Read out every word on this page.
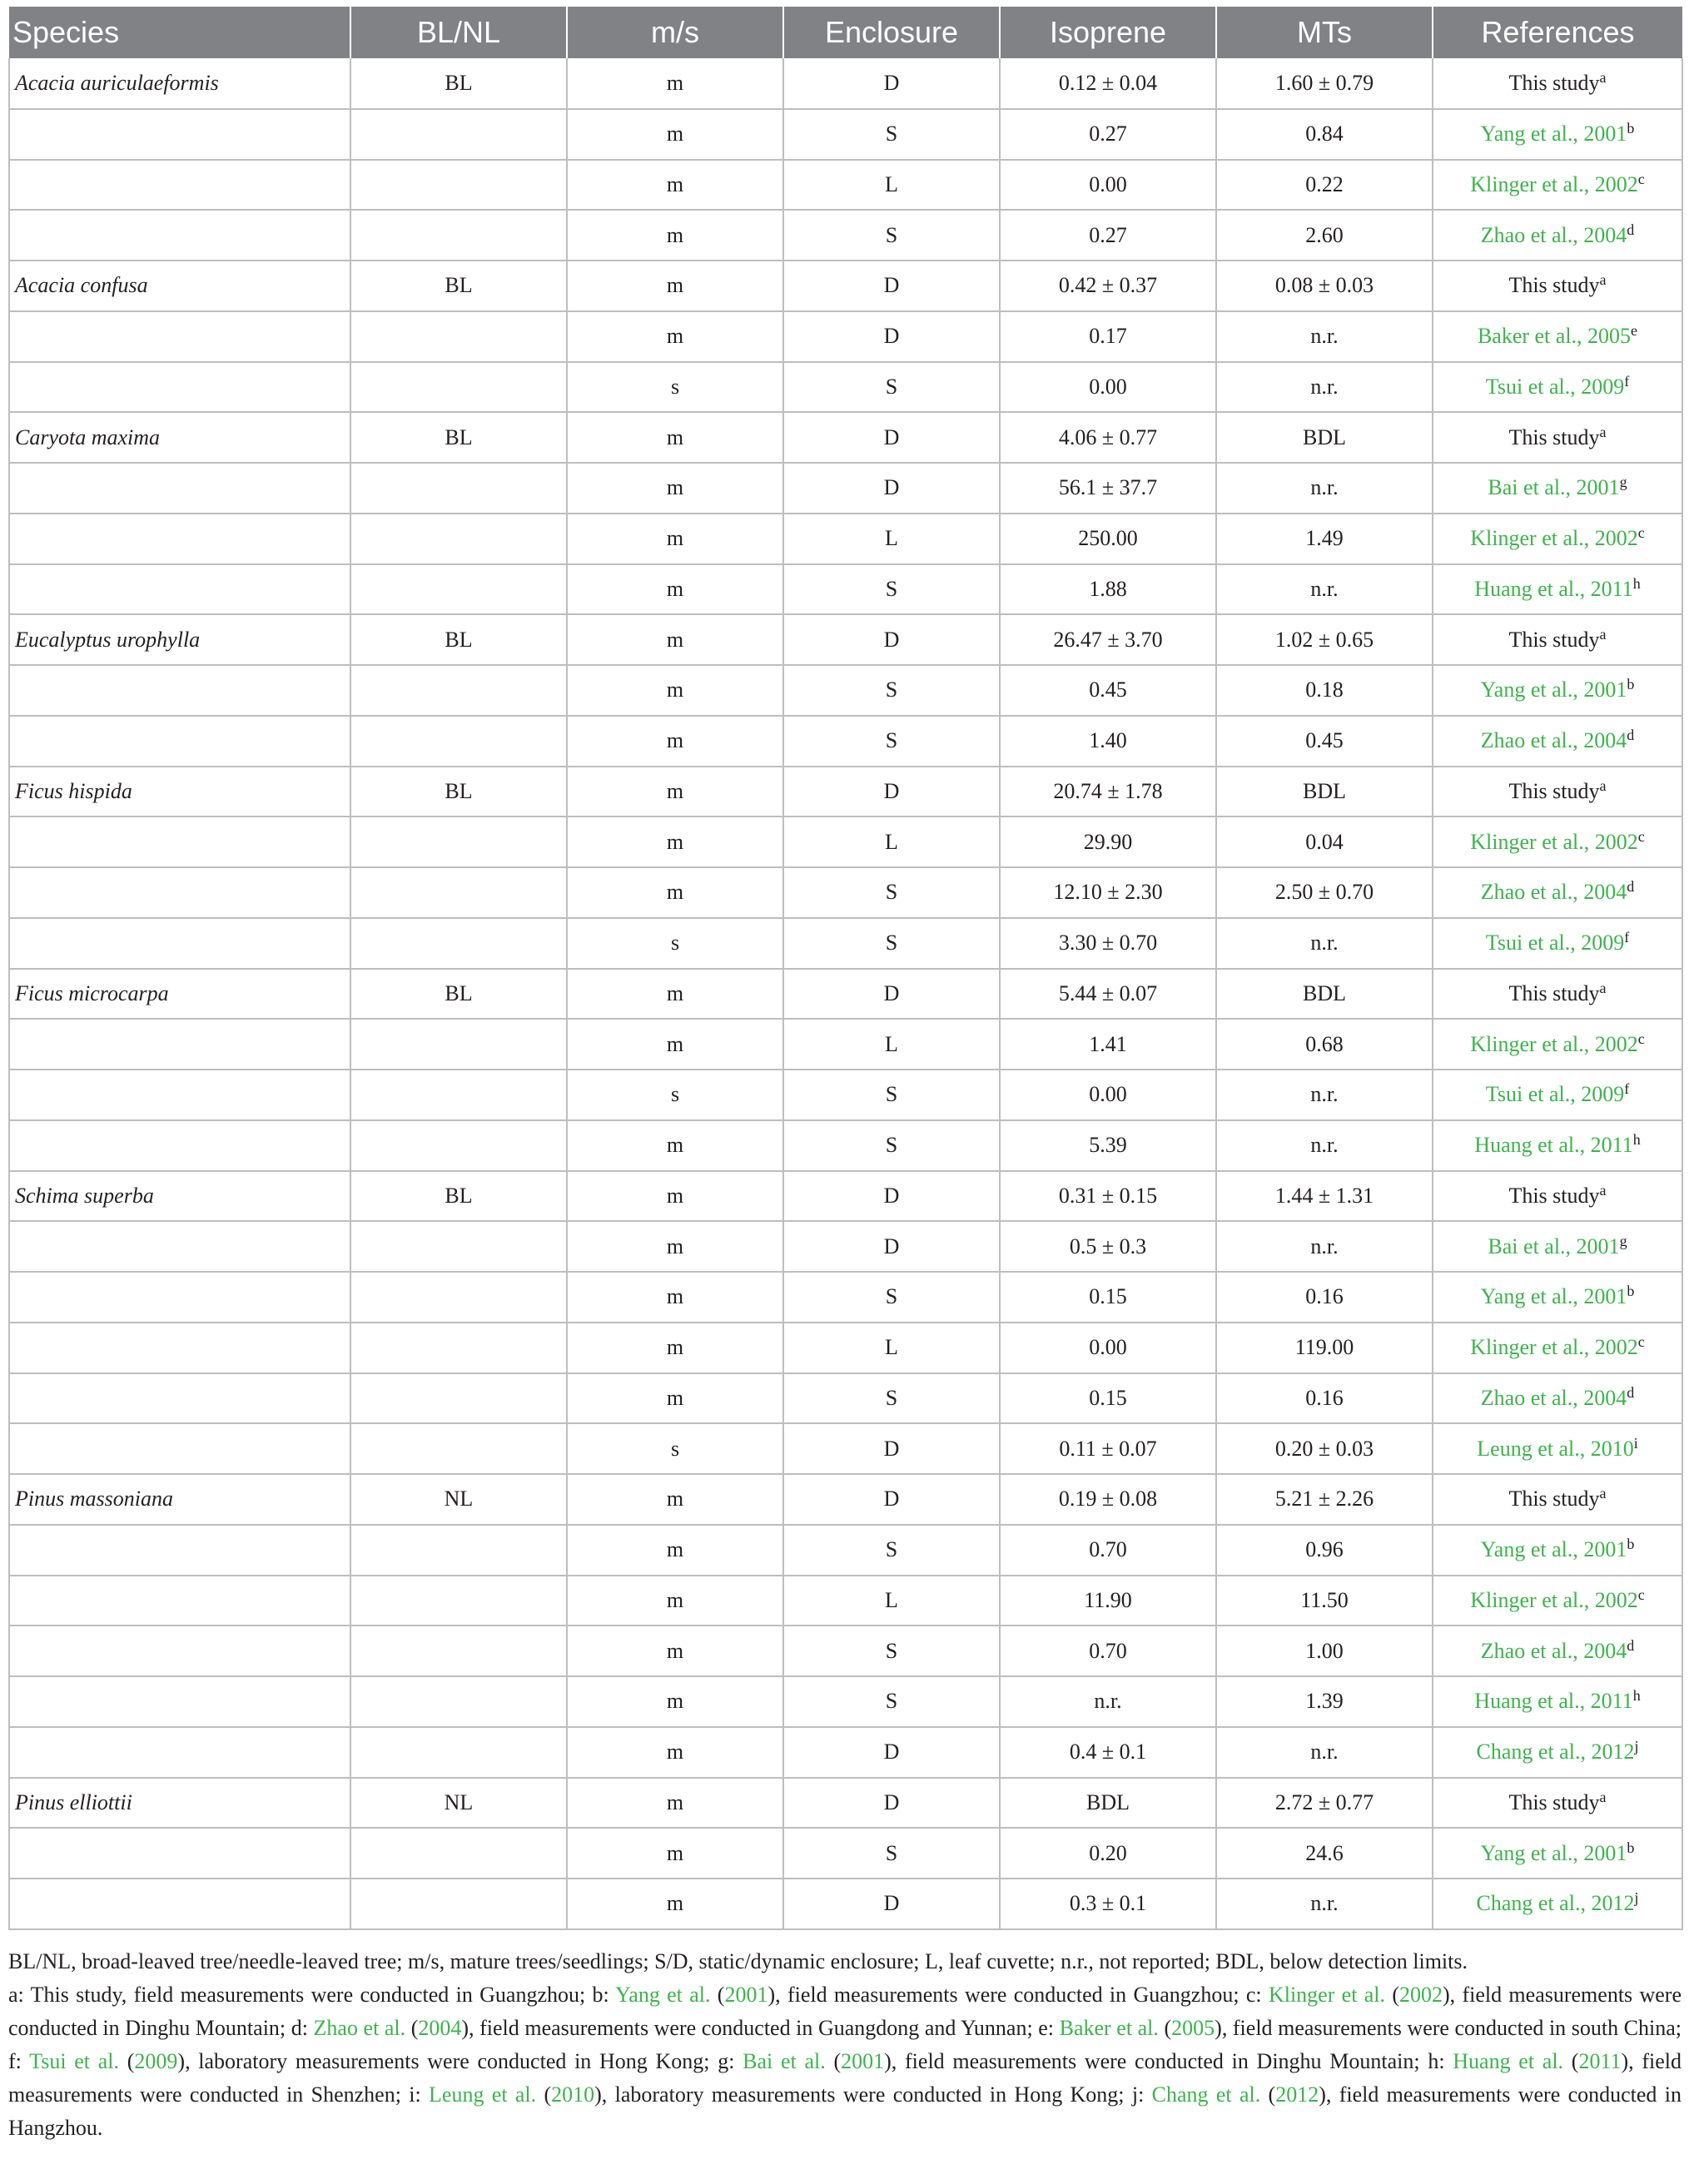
Species	BL/NL	m/s	Enclosure	Isoprene	MTs	References
Acacia auriculaeformis	BL	m	D	0.12 ± 0.04	1.60 ± 0.79	This study$^a$
		m	S	0.27	0.84	Yang et al., 2001$^b$
		m	L	0.00	0.22	Klinger et al., 2002$^c$
		m	S	0.27	2.60	Zhao et al., 2004$^d$
Acacia confusa	BL	m	D	0.42 ± 0.37	0.08 ± 0.03	This study$^a$
		m	D	0.17	n.r.	Baker et al., 2005e
		s	S	0.00	n.r.	Tsui et al., 2009$^f$
Caryota maxima	BL	m	D	4.06 ± 0.77	BDL	This study$^a$
		m	D	56.1 ± 37.7	n.r.	Bai et al., 2001$^g$
		m	L	250.00	1.49	Klinger et al., 2002$^c$
		m	S	1.88	n.r.	Huang et al., 2011$^h$
Eucalyptus urophylla	BL	m	D	26.47 ± 3.70	1.02 ± 0.65	This study$^a$
		m	S	0.45	0.18	Yang et al., 2001$^b$
		m	S	1.40	0.45	Zhao et al., 2004$^d$
Ficus hispida	BL	m	D	20.74 ± 1.78	BDL	This study$^a$
		m	L	29.90	0.04	Klinger et al., 2002$^c$
		m	S	12.10 ± 2.30	2.50 ± 0.70	Zhao et al., 2004$^d$
		s	S	3.30 ± 0.70	n.r.	Tsui et al., 2009$^f$
Ficus microcarpa	BL	m	D	5.44 ± 0.07	BDL	This study$^a$
		m	L	1.41	0.68	Klinger et al., 2002$^c$
		s	S	0.00	n.r.	Tsui et al., 2009$^f$
		m	S	5.39	n.r.	Huang et al., 2011$^h$
Schima superba	BL	m	D	0.31 ± 0.15	1.44 ± 1.31	This study$^a$
		m	D	0.5 ± 0.3	n.r.	Bai et al., 2001$^g$
		m	S	0.15	0.16	Yang et al., 2001$^b$
		m	L	0.00	119.00	Klinger et al., 2002$^c$
		m	S	0.15	0.16	Zhao et al., 2004$^d$
		s	D	0.11 ± 0.07	0.20 ± 0.03	Leung et al., 2010$^i$
Pinus massoniana	NL	m	D	0.19 ± 0.08	5.21 ± 2.26	This study$^a$
		m	S	0.70	0.96	Yang et al., 2001$^b$
		m	L	11.90	11.50	Klinger et al., 2002$^c$
		m	S	0.70	1.00	Zhao et al., 2004$^d$
		m	S	n.r.	1.39	Huang et al., 2011$^h$
		m	D	0.4 ± 0.1	n.r.	Chang et al., 2012$^j$
Pinus elliottii	NL	m	D	BDL	2.72 ± 0.77	This study$^a$
		m	S	0.20	24.6	Yang et al., 2001$^b$
		m	D	0.3 ± 0.1	n.r.	Chang et al., 2012$^j$

BL/NL, broad-leaved tree/needle-leaved tree; m/s, mature trees/seedlings; S/D, static/dynamic enclosure; L, leaf cuvette; n.r., not reported; BDL, below detection limits.

a: This study, field measurements were conducted in Guangzhou; b: Yang et al. (2001), field measurements were conducted in Guangzhou; c: Klinger et al. (2002), field measurements were conducted in Dinghu Mountain; d: Zhao et al. (2004), field measurements were conducted in Guangdong and Yunnan; e: Baker et al. (2005), field measurements were conducted in south China; f: Tsui et al. (2009), laboratory measurements were conducted in Hong Kong; g: Bai et al. (2001), field measurements were conducted in Dinghu Mountain; h: Huang et al. (2011), field measurements were conducted in Shenzhen; i: Leung et al. (2010), laboratory measurements were conducted in Hong Kong; j: Chang et al. (2012), field measurements were conducted in Hangzhou.
